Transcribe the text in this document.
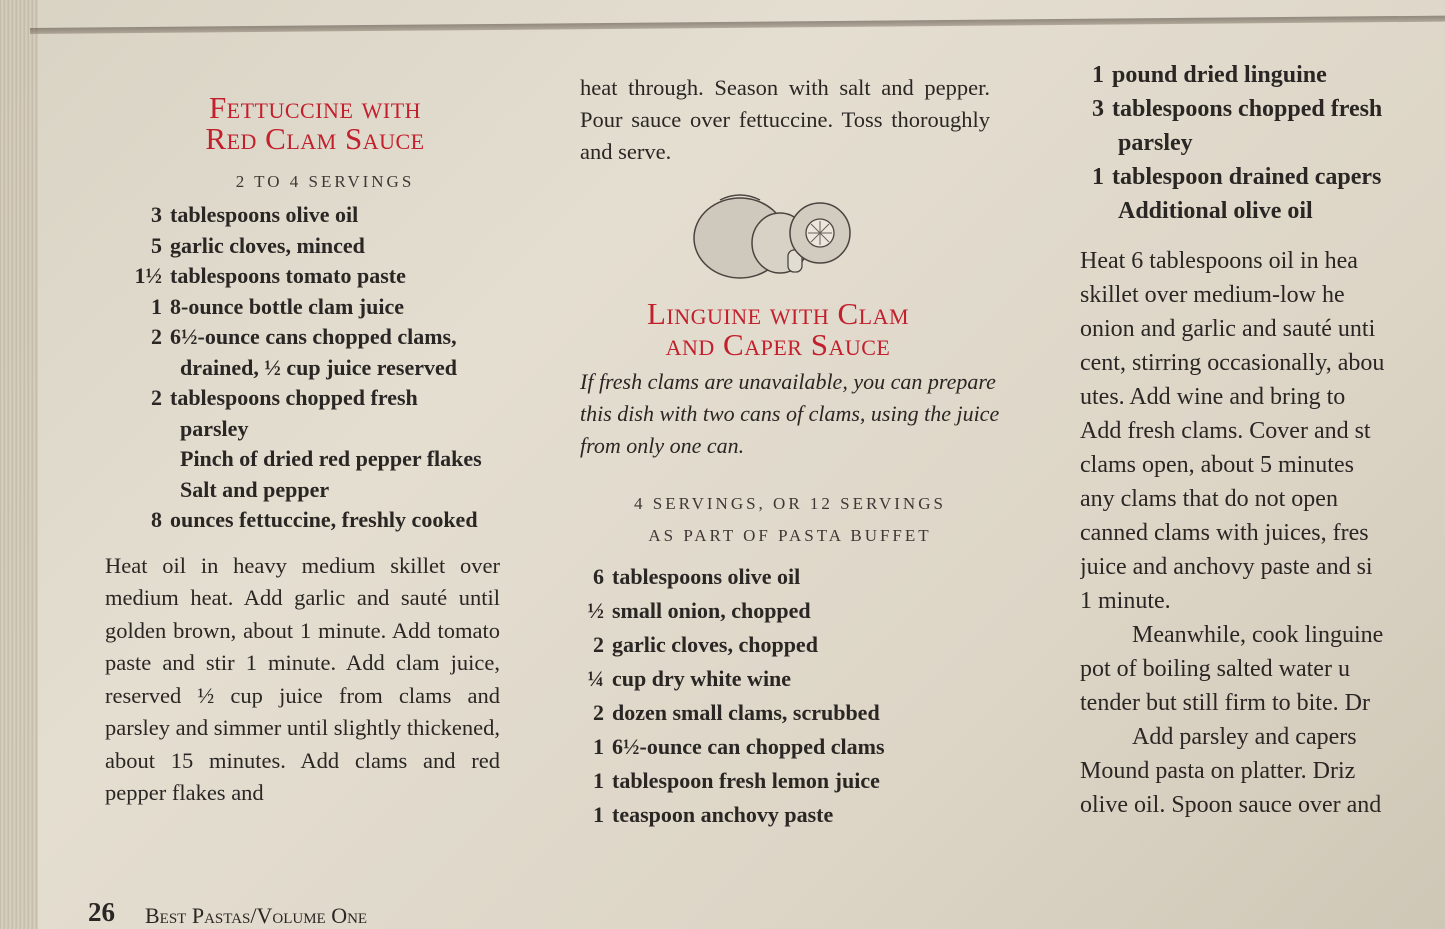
Fettuccine with
Red Clam Sauce
2 TO 4 SERVINGS
3 tablespoons olive oil
5 garlic cloves, minced
1½ tablespoons tomato paste
1 8-ounce bottle clam juice
2 6½-ounce cans chopped clams,
drained, ½ cup juice reserved
2 tablespoons chopped fresh
parsley
Pinch of dried red pepper flakes
Salt and pepper
8 ounces fettuccine, freshly cooked
Heat oil in heavy medium skillet over medium heat. Add garlic and sauté until golden brown, about 1 minute. Add tomato paste and stir 1 minute. Add clam juice, reserved ½ cup juice from clams and parsley and simmer until slightly thickened, about 15 minutes. Add clams and red pepper flakes and
heat through. Season with salt and pepper. Pour sauce over fettuccine. Toss thoroughly and serve.
Linguine with Clam
and Caper Sauce
If fresh clams are unavailable, you can prepare this dish with two cans of clams, using the juice from only one can.
4 SERVINGS, OR 12 SERVINGS
AS PART OF PASTA BUFFET
6 tablespoons olive oil
½ small onion, chopped
2 garlic cloves, chopped
¼ cup dry white wine
2 dozen small clams, scrubbed
1 6½-ounce can chopped clams
1 tablespoon fresh lemon juice
1 teaspoon anchovy paste
1 pound dried linguine
3 tablespoons chopped fresh
parsley
1 tablespoon drained capers
Additional olive oil
Heat 6 tablespoons oil in hea
skillet over medium-low he
onion and garlic and sauté unti
cent, stirring occasionally, abou
utes. Add wine and bring to
Add fresh clams. Cover and st
clams open, about 5 minutes
any clams that do not open
canned clams with juices, fres
juice and anchovy paste and si
1 minute.
Meanwhile, cook linguine
pot of boiling salted water u
tender but still firm to bite. Dr
Add parsley and capers
Mound pasta on platter. Driz
olive oil. Spoon sauce over and
26 Best Pastas/Volume One
